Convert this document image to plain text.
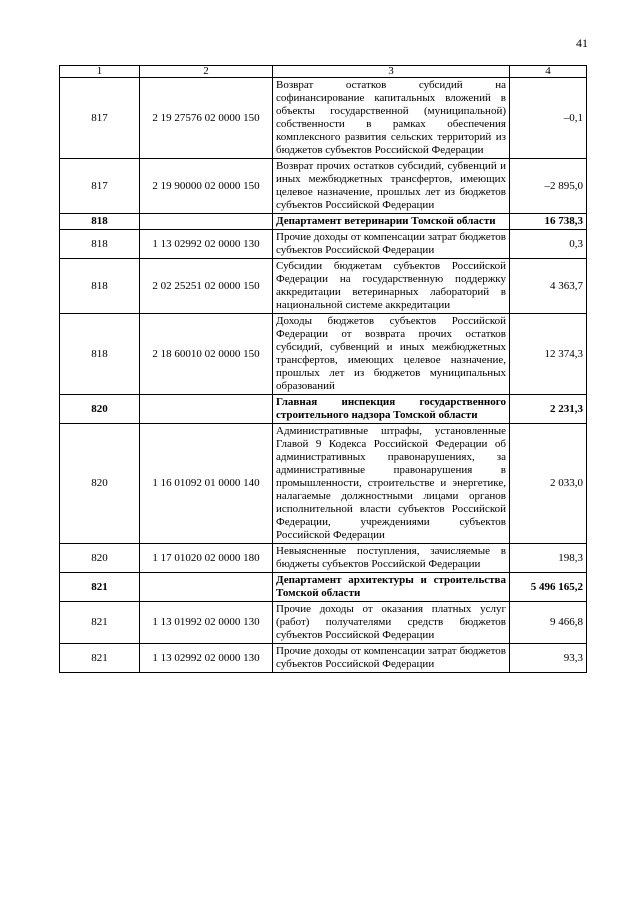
41
1	2	3	4
817	2 19 27576 02 0000 150	Возврат остатков субсидий на софинансирование капитальных вложений в объекты государственной (муниципальной) собственности в рамках обеспечения комплексного развития сельских территорий из бюджетов субъектов Российской Федерации	–0,1
817	2 19 90000 02 0000 150	Возврат прочих остатков субсидий, субвенций и иных межбюджетных трансфертов, имеющих целевое назначение, прошлых лет из бюджетов субъектов Российской Федерации	–2 895,0
818		Департамент ветеринарии Томской области	16 738,3
818	1 13 02992 02 0000 130	Прочие доходы от компенсации затрат бюджетов субъектов Российской Федерации	0,3
818	2 02 25251 02 0000 150	Субсидии бюджетам субъектов Российской Федерации на государственную поддержку аккредитации ветеринарных лабораторий в национальной системе аккредитации	4 363,7
818	2 18 60010 02 0000 150	Доходы бюджетов субъектов Российской Федерации от возврата прочих остатков субсидий, субвенций и иных межбюджетных трансфертов, имеющих целевое назначение, прошлых лет из бюджетов муниципальных образований	12 374,3
820		Главная инспекция государственного строительного надзора Томской области	2 231,3
820	1 16 01092 01 0000 140	Административные штрафы, установленные Главой 9 Кодекса Российской Федерации об административных правонарушениях, за административные правонарушения в промышленности, строительстве и энергетике, налагаемые должностными лицами органов исполнительной власти субъектов Российской Федерации, учреждениями субъектов Российской Федерации	2 033,0
820	1 17 01020 02 0000 180	Невыясненные поступления, зачисляемые в бюджеты субъектов Российской Федерации	198,3
821		Департамент архитектуры и строительства Томской области	5 496 165,2
821	1 13 01992 02 0000 130	Прочие доходы от оказания платных услуг (работ) получателями средств бюджетов субъектов Российской Федерации	9 466,8
821	1 13 02992 02 0000 130	Прочие доходы от компенсации затрат бюджетов субъектов Российской Федерации	93,3
